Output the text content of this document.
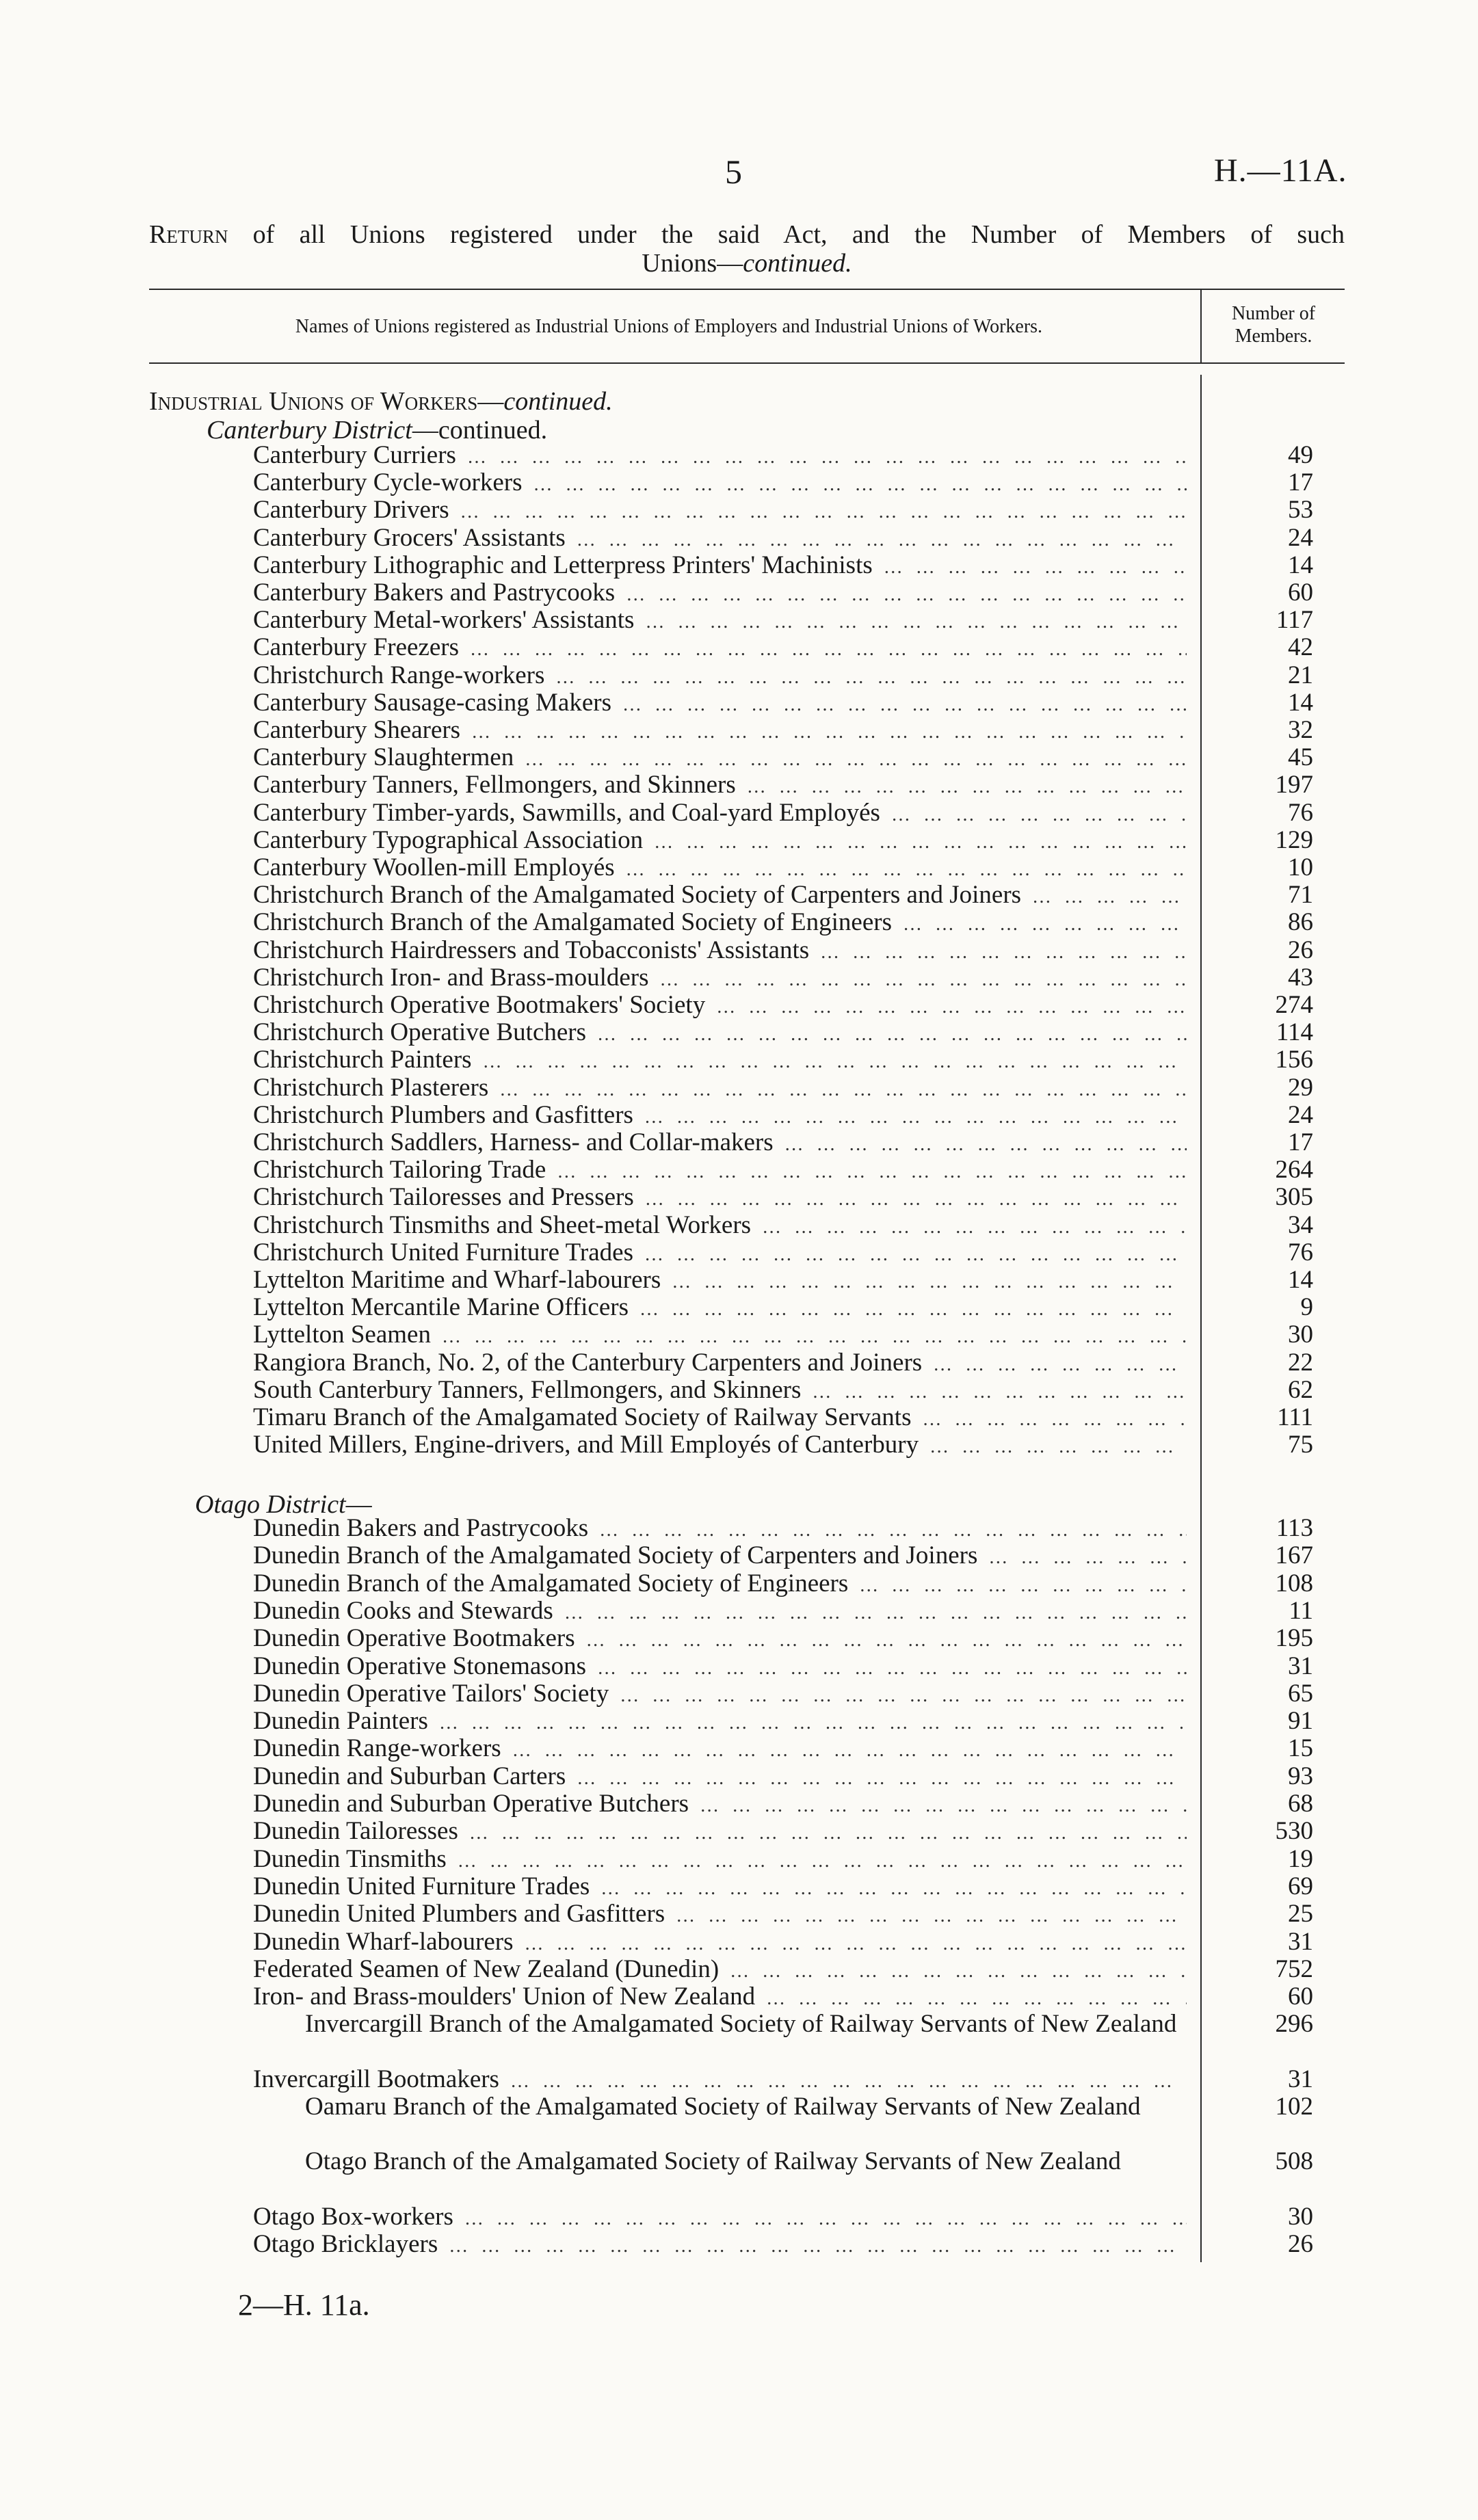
5	H.—11A.
Return of all Unions registered under the said Act, and the Number of Members of such
Unions—continued.
Names of Unions registered as Industrial Unions of Employers and Industrial Unions of Workers.
Number of
Members.
Industrial Unions of Workers—continued.
Canterbury District—continued.
Otago District—
Canterbury Curriers … … … … … … … … … … … … … … … … … … … … … … … … … … … … … …	49
Canterbury Cycle-workers … … … … … … … … … … … … … … … … … … … … … … … … … … … … … …	17
Canterbury Drivers … … … … … … … … … … … … … … … … … … … … … … … … … … … … … …	53
Canterbury Grocers' Assistants … … … … … … … … … … … … … … … … … … … … … … … … … … … … … …	24
Canterbury Lithographic and Letterpress Printers' Machinists … … … … … … … … … … … … … … … … … … … … … … … … … … … … … …	14
Canterbury Bakers and Pastrycooks … … … … … … … … … … … … … … … … … … … … … … … … … … … … … …	60
Canterbury Metal-workers' Assistants … … … … … … … … … … … … … … … … … … … … … … … … … … … … … …	117
Canterbury Freezers … … … … … … … … … … … … … … … … … … … … … … … … … … … … … …	42
Christchurch Range-workers … … … … … … … … … … … … … … … … … … … … … … … … … … … … … …	21
Canterbury Sausage-casing Makers … … … … … … … … … … … … … … … … … … … … … … … … … … … … … …	14
Canterbury Shearers … … … … … … … … … … … … … … … … … … … … … … … … … … … … … …	32
Canterbury Slaughtermen … … … … … … … … … … … … … … … … … … … … … … … … … … … … … …	45
Canterbury Tanners, Fellmongers, and Skinners … … … … … … … … … … … … … … … … … … … … … … … … … … … … … …	197
Canterbury Timber-yards, Sawmills, and Coal-yard Employés … … … … … … … … … … … … … … … … … … … … … … … … … … … … … …	76
Canterbury Typographical Association … … … … … … … … … … … … … … … … … … … … … … … … … … … … … …	129
Canterbury Woollen-mill Employés … … … … … … … … … … … … … … … … … … … … … … … … … … … … … …	10
Christchurch Branch of the Amalgamated Society of Carpenters and Joiners … … … … … … … … … … … … … … … … … … … … … … … … … … … … … …	71
Christchurch Branch of the Amalgamated Society of Engineers … … … … … … … … … … … … … … … … … … … … … … … … … … … … … …	86
Christchurch Hairdressers and Tobacconists' Assistants … … … … … … … … … … … … … … … … … … … … … … … … … … … … … …	26
Christchurch Iron- and Brass-moulders … … … … … … … … … … … … … … … … … … … … … … … … … … … … … …	43
Christchurch Operative Bootmakers' Society … … … … … … … … … … … … … … … … … … … … … … … … … … … … … …	274
Christchurch Operative Butchers … … … … … … … … … … … … … … … … … … … … … … … … … … … … … …	114
Christchurch Painters … … … … … … … … … … … … … … … … … … … … … … … … … … … … … …	156
Christchurch Plasterers … … … … … … … … … … … … … … … … … … … … … … … … … … … … … …	29
Christchurch Plumbers and Gasfitters … … … … … … … … … … … … … … … … … … … … … … … … … … … … … …	24
Christchurch Saddlers, Harness- and Collar-makers … … … … … … … … … … … … … … … … … … … … … … … … … … … … … …	17
Christchurch Tailoring Trade … … … … … … … … … … … … … … … … … … … … … … … … … … … … … …	264
Christchurch Tailoresses and Pressers … … … … … … … … … … … … … … … … … … … … … … … … … … … … … …	305
Christchurch Tinsmiths and Sheet-metal Workers … … … … … … … … … … … … … … … … … … … … … … … … … … … … … …	34
Christchurch United Furniture Trades … … … … … … … … … … … … … … … … … … … … … … … … … … … … … …	76
Lyttelton Maritime and Wharf-labourers … … … … … … … … … … … … … … … … … … … … … … … … … … … … … …	14
Lyttelton Mercantile Marine Officers … … … … … … … … … … … … … … … … … … … … … … … … … … … … … …	9
Lyttelton Seamen … … … … … … … … … … … … … … … … … … … … … … … … … … … … … …	30
Rangiora Branch, No. 2, of the Canterbury Carpenters and Joiners … … … … … … … … … … … … … … … … … … … … … … … … … … … … … …	22
South Canterbury Tanners, Fellmongers, and Skinners … … … … … … … … … … … … … … … … … … … … … … … … … … … … … …	62
Timaru Branch of the Amalgamated Society of Railway Servants … … … … … … … … … … … … … … … … … … … … … … … … … … … … … …	111
United Millers, Engine-drivers, and Mill Employés of Canterbury … … … … … … … … … … … … … … … … … … … … … … … … … … … … … …	75
Dunedin Bakers and Pastrycooks … … … … … … … … … … … … … … … … … … … … … … … … … … … … … …	113
Dunedin Branch of the Amalgamated Society of Carpenters and Joiners … … … … … … … … … … … … … … … … … … … … … … … … … … … … … …	167
Dunedin Branch of the Amalgamated Society of Engineers … … … … … … … … … … … … … … … … … … … … … … … … … … … … … …	108
Dunedin Cooks and Stewards … … … … … … … … … … … … … … … … … … … … … … … … … … … … … …	11
Dunedin Operative Bootmakers … … … … … … … … … … … … … … … … … … … … … … … … … … … … … …	195
Dunedin Operative Stonemasons … … … … … … … … … … … … … … … … … … … … … … … … … … … … … …	31
Dunedin Operative Tailors' Society … … … … … … … … … … … … … … … … … … … … … … … … … … … … … …	65
Dunedin Painters … … … … … … … … … … … … … … … … … … … … … … … … … … … … … …	91
Dunedin Range-workers … … … … … … … … … … … … … … … … … … … … … … … … … … … … … …	15
Dunedin and Suburban Carters … … … … … … … … … … … … … … … … … … … … … … … … … … … … … …	93
Dunedin and Suburban Operative Butchers … … … … … … … … … … … … … … … … … … … … … … … … … … … … … …	68
Dunedin Tailoresses … … … … … … … … … … … … … … … … … … … … … … … … … … … … … …	530
Dunedin Tinsmiths … … … … … … … … … … … … … … … … … … … … … … … … … … … … … …	19
Dunedin United Furniture Trades … … … … … … … … … … … … … … … … … … … … … … … … … … … … … …	69
Dunedin United Plumbers and Gasfitters … … … … … … … … … … … … … … … … … … … … … … … … … … … … … …	25
Dunedin Wharf-labourers … … … … … … … … … … … … … … … … … … … … … … … … … … … … … …	31
Federated Seamen of New Zealand (Dunedin) … … … … … … … … … … … … … … … … … … … … … … … … … … … … … …	752
Iron- and Brass-moulders' Union of New Zealand … … … … … … … … … … … … … … … … … … … … … … … … … … … … … …	60
Invercargill Branch of the Amalgamated Society of Railway Servants of New Zealand	296
Invercargill Bootmakers … … … … … … … … … … … … … … … … … … … … … … … … … … … … … …	31
Oamaru Branch of the Amalgamated Society of Railway Servants of New Zealand	102
Otago Branch of the Amalgamated Society of Railway Servants of New Zealand	508
Otago Box-workers … … … … … … … … … … … … … … … … … … … … … … … … … … … … … …	30
Otago Bricklayers … … … … … … … … … … … … … … … … … … … … … … … … … … … … … …	26
2—H. 11a.
